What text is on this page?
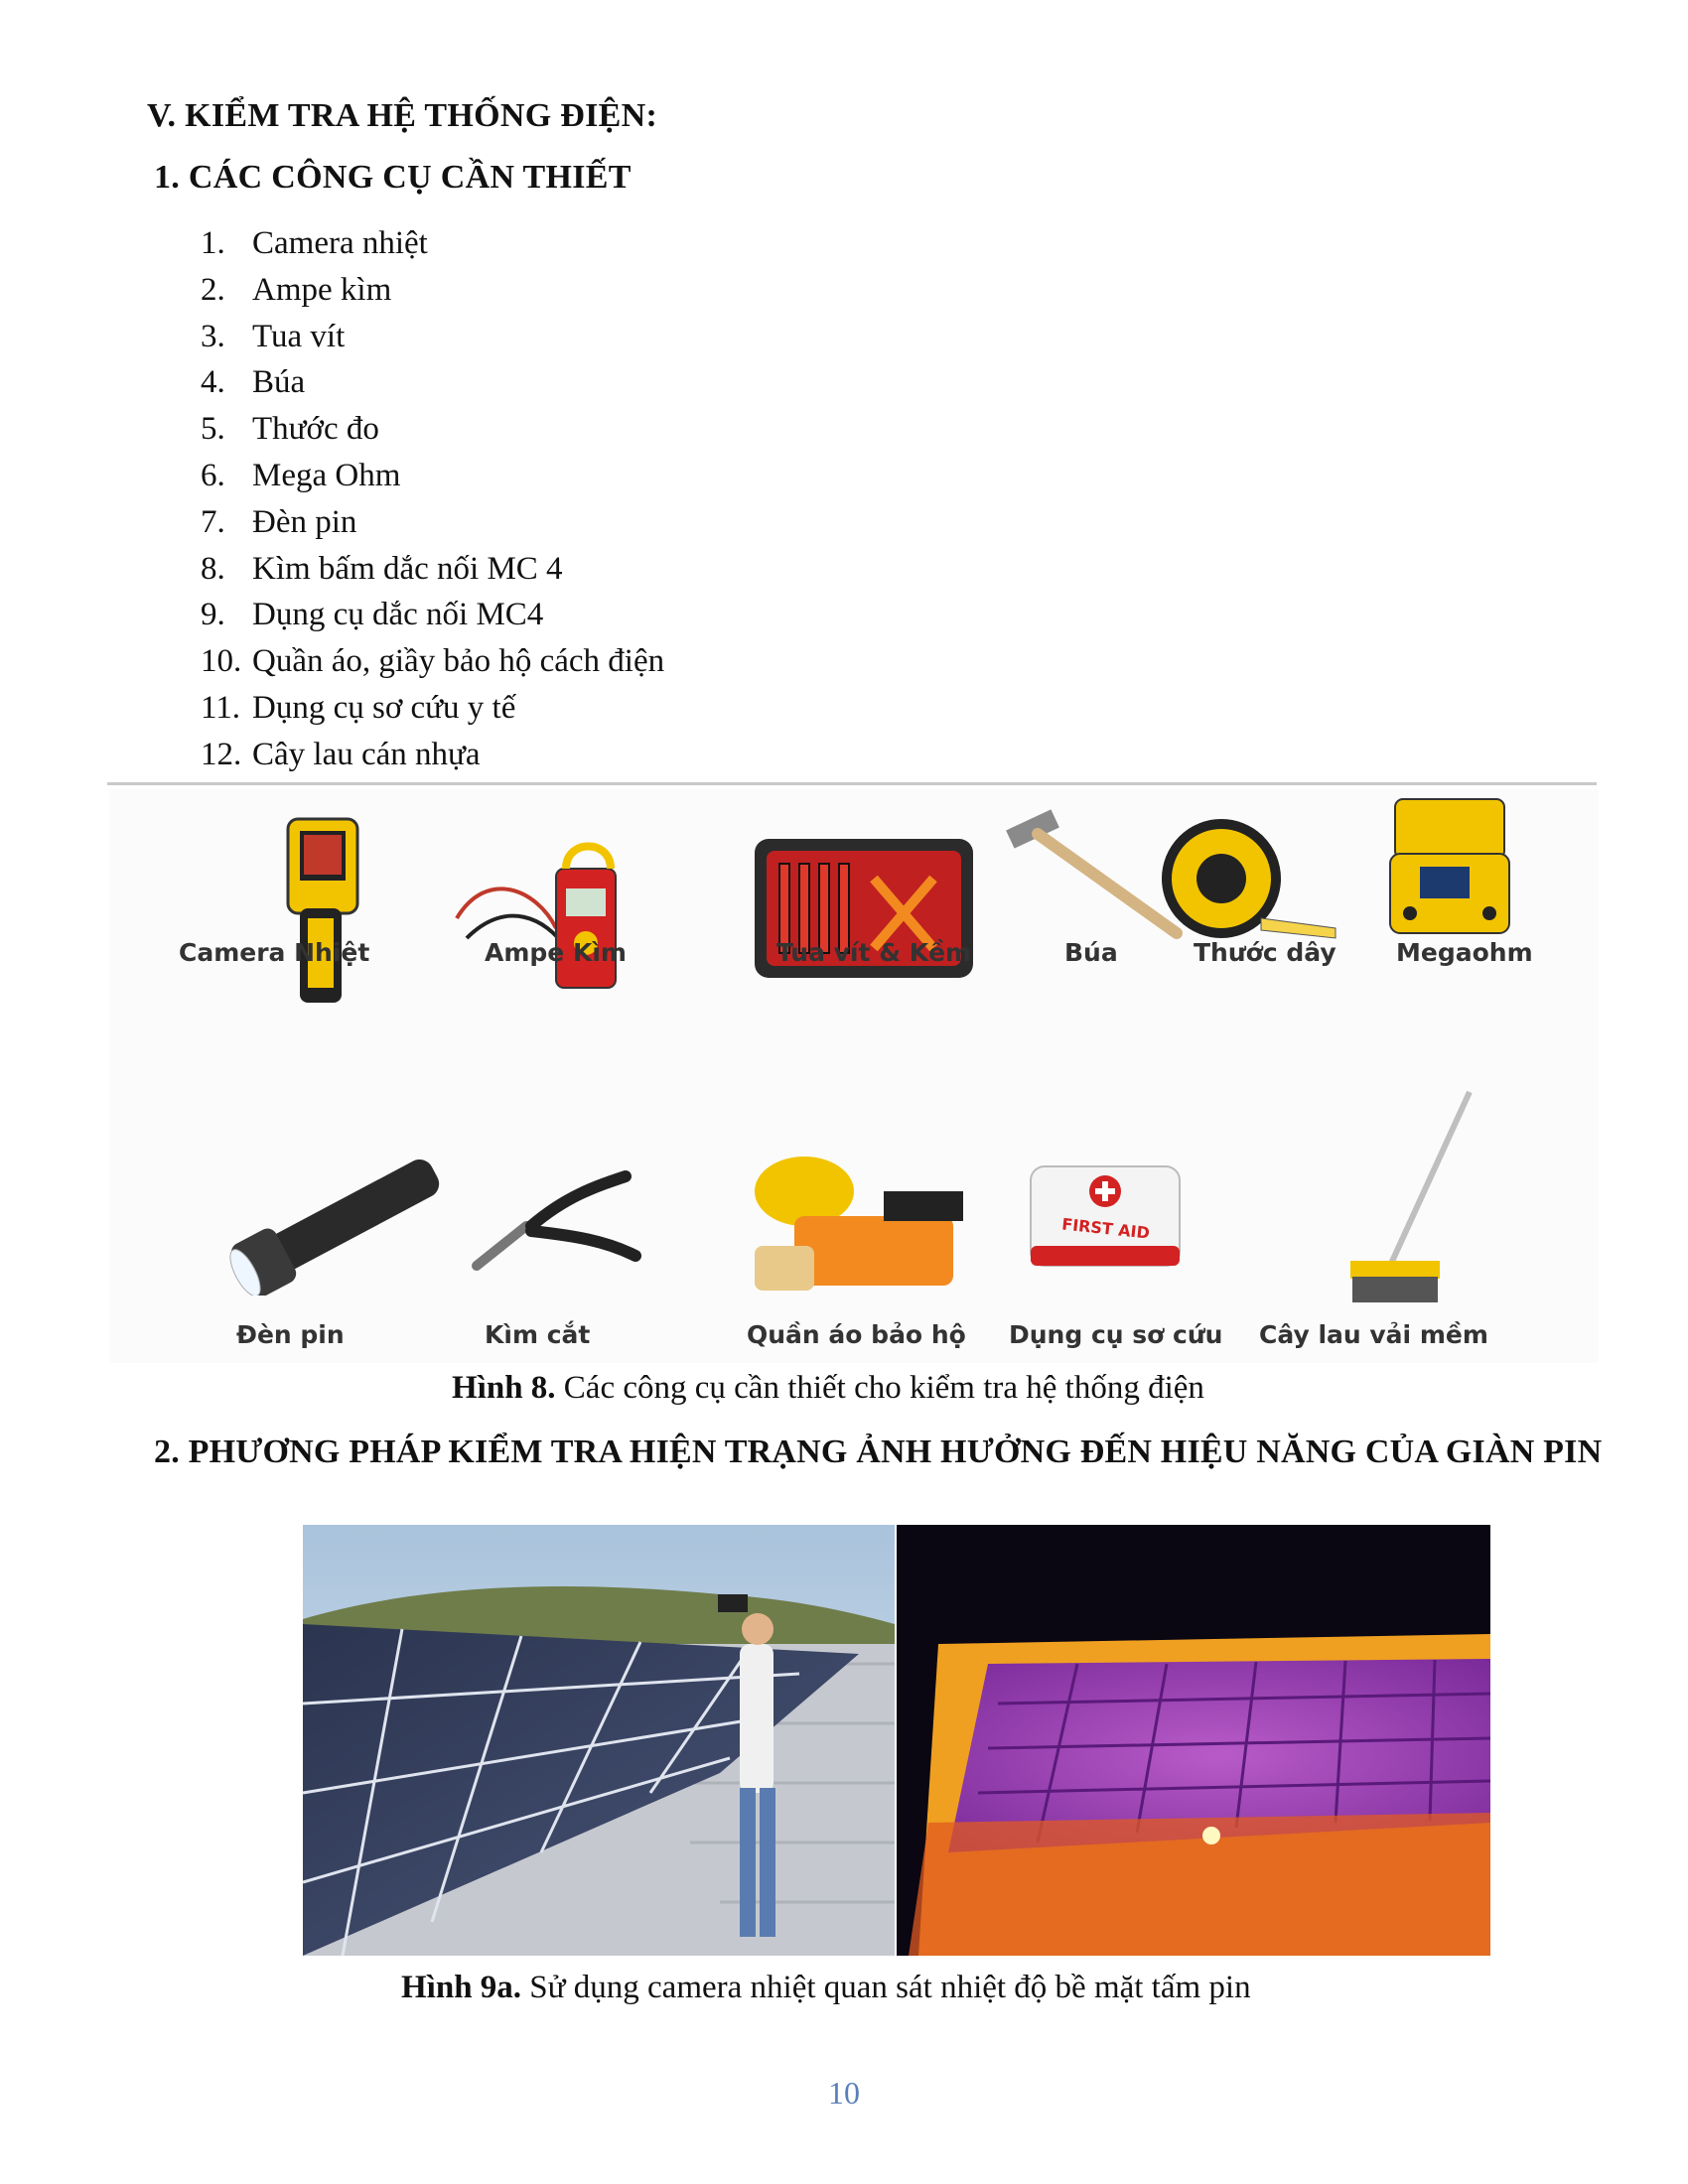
V. KIỂM TRA HỆ THỐNG ĐIỆN:
1. CÁC CÔNG CỤ CẦN THIẾT
1. Camera nhiệt
2. Ampe kìm
3. Tua vít
4. Búa
5. Thước đo
6. Mega Ohm
7. Đèn pin
8. Kìm bấm dắc nối MC 4
9. Dụng cụ dắc nối MC4
10. Quần áo, giầy bảo hộ cách điện
11. Dụng cụ sơ cứu y tế
12. Cây lau cán nhựa
Camera Nhiệt	Ampe Kìm	Tua vít & Kềm	Búa	Thước dây Megaohm
FIRST AID
Đèn pin	Kìm cắt	Quần áo bảo hộ Dụng cụ sơ cứu Cây lau vải mềm
Hình 8. Các công cụ cần thiết cho kiểm tra hệ thống điện
2. PHƯƠNG PHÁP KIỂM TRA HIỆN TRẠNG ẢNH HƯỞNG ĐẾN HIỆU NĂNG CỦA GIÀN PIN
Hình 9a. Sử dụng camera nhiệt quan sát nhiệt độ bề mặt tấm pin
10
